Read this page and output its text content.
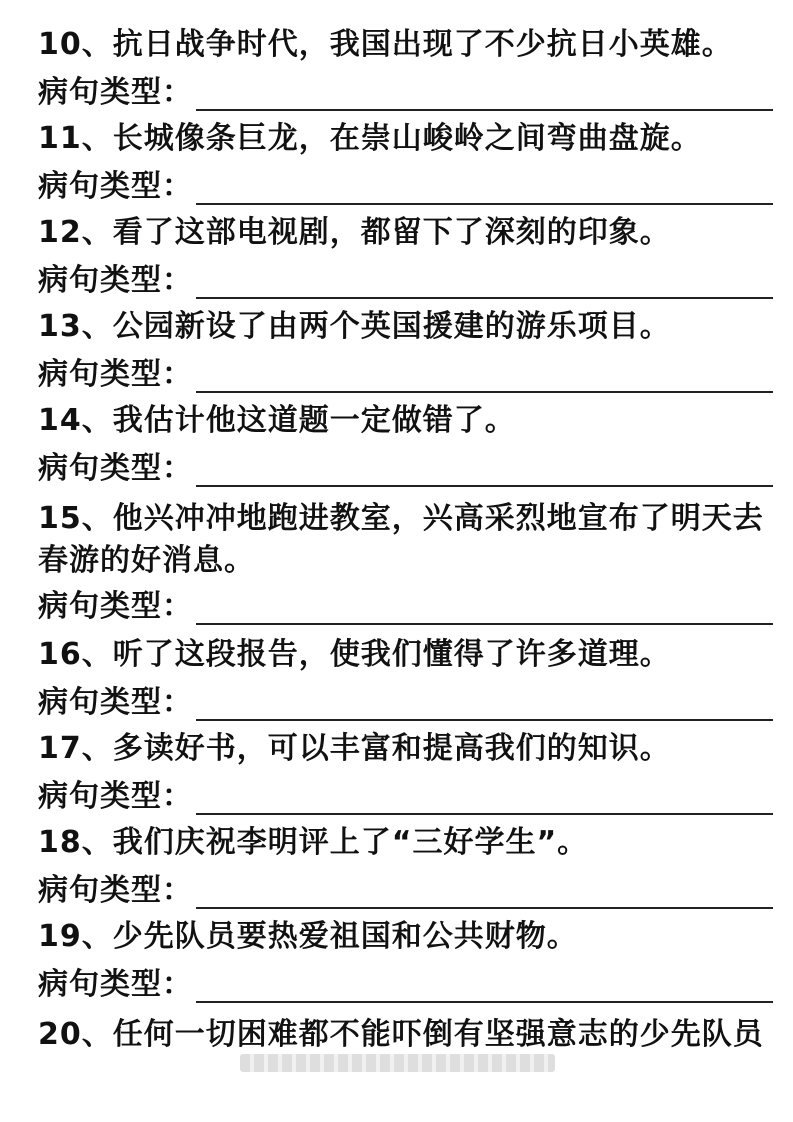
10、抗日战争时代，我国出现了不少抗日小英雄。
病句类型：
11、长城像条巨龙，在崇山峻岭之间弯曲盘旋。
病句类型：
12、看了这部电视剧，都留下了深刻的印象。
病句类型：
13、公园新设了由两个英国援建的游乐项目。
病句类型：
14、我估计他这道题一定做错了。
病句类型：
15、他兴冲冲地跑进教室，兴高采烈地宣布了明天去春游的好消息。
病句类型：
16、听了这段报告，使我们懂得了许多道理。
病句类型：
17、多读好书，可以丰富和提高我们的知识。
病句类型：
18、我们庆祝李明评上了“三好学生”。
病句类型：
19、少先队员要热爱祖国和公共财物。
病句类型：
20、任何一切困难都不能吓倒有坚强意志的少先队员
